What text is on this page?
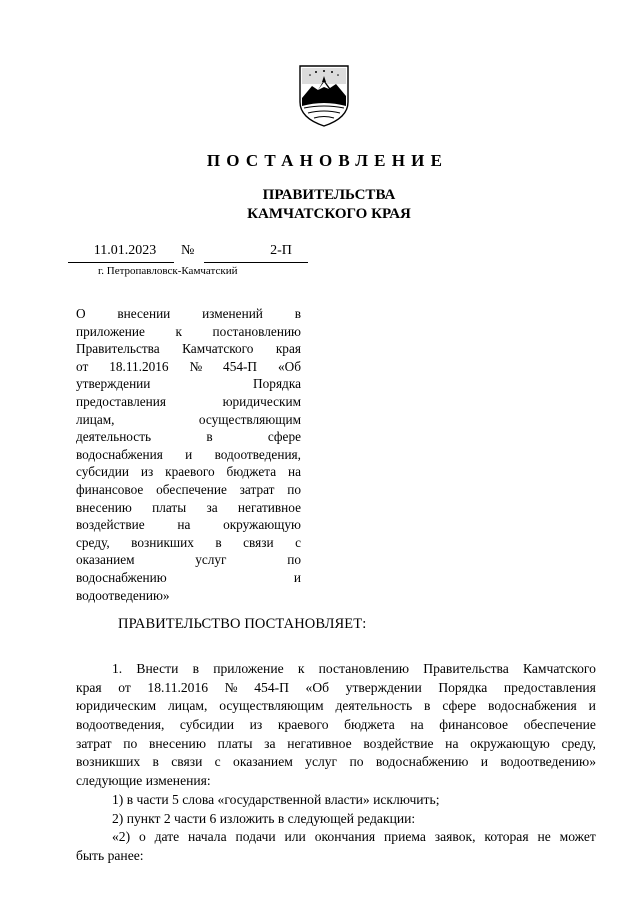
ПОСТАНОВЛЕНИЕ
ПРАВИТЕЛЬСТВА
КАМЧАТСКОГО КРАЯ
11.01.2023	№	2-П
г. Петропавловск-Камчатский
О внесении изменений в
приложение к постановлению
Правительства Камчатского края
от 18.11.2016 № 454-П «Об
утверждении	Порядка
предоставления	юридическим
лицам,	осуществляющим
деятельность	в	сфере
водоснабжения и водоотведения,
субсидии из краевого бюджета на
финансовое обеспечение затрат по
внесению платы за негативное
воздействие на окружающую
среду, возникших в связи с
оказанием	услуг	по
водоснабжению	и
водоотведению»
ПРАВИТЕЛЬСТВО ПОСТАНОВЛЯЕТ:
1. Внести в приложение к постановлению Правительства Камчатского
края от 18.11.2016 № 454-П «Об утверждении Порядка предоставления
юридическим лицам, осуществляющим деятельность в сфере водоснабжения и
водоотведения, субсидии из краевого бюджета на финансовое обеспечение
затрат по внесению платы за негативное воздействие на окружающую среду,
возникших в связи с оказанием услуг по водоснабжению и водоотведению»
следующие изменения:
1) в части 5 слова «государственной власти» исключить;
2) пункт 2 части 6 изложить в следующей редакции:
«2) о дате начала подачи или окончания приема заявок, которая не может
быть ранее:
